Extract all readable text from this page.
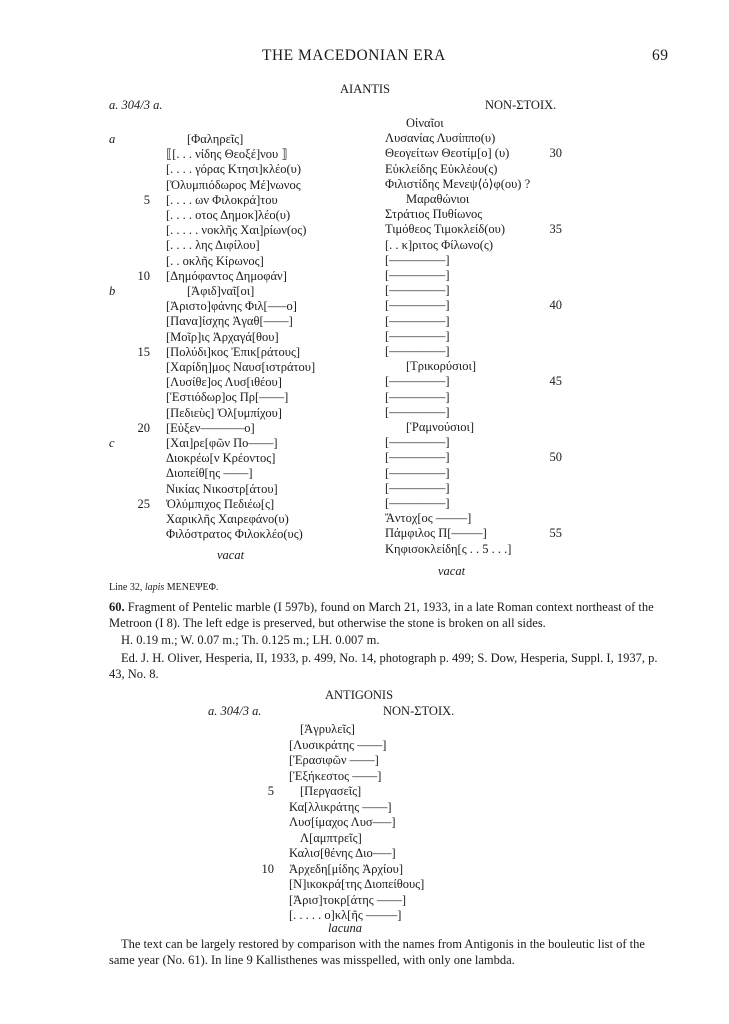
THE MACEDONIAN ERA	69
AIANTIS
a. 304/3 a.	NON-ΣΤΟΙΧ.
a	[Φαληρεῖς]
⟦[. . . νίδης Θεοξέ]νου ⟧
[. . . . γόρας Κτησι]κλέο(υ)
[Ὀλυμπιόδωρος Μέ]νωνος
5 [. . . . ων Φιλοκρά]του
[. . . . οτος Δημοκ]λέο(υ)
[. . . . . νοκλῆς Χαι]ρίων(ος)
[. . . . λης Διφίλου]
[. . οκλῆς Κίρωνος]
10 [Δημόφαντος Δημοφάν]
b	[Ἀφιδ]ναῖ[οι]
[Ἀριστο]φάνης Φιλ[–––ο]
[Πανα]ίσχης Ἀγαθ[––––]
[Μοῖρ]ις Ἀρχαγά[θου]
15 [Πολύδι]κος Ἐπικ[ράτους]
[Χαρίδη]μος Ναυσ[ιστράτου]
[Λυσίθε]ος Λυσ[ιθέου]
[Ἑστιόδωρ]ος Πρ[––––]
[Πεδιεὺς] Ὀλ[υμπίχου]
20 [Εὐξεν–––––––ο]
c	[Χαι]ρε[φῶν Πο––––]
Διοκρέω[ν Κρέοντος]
Διοπείθ[ης ––––]
Νικίας Νικοστρ[άτου]
25 Ὀλύμπιχος Πεδιέω[ς]
Χαρικλῆς Χαιρεφάνο(υ)
Φιλόστρατος Φιλοκλέο(υς)
vacat
Οἰναῖοι
Λυσανίας Λυσίππο(υ)
Θεογείτων Θεοτίμ[ο] (υ)	30
Εὐκλείδης Εὐκλέου(ς)
Φιλιστίδης Μενεψ⟨ό⟩φ(ου) ?
Μαραθώνιοι
Στράτιος Πυθίωνος
Τιμόθεος Τιμοκλείδ(ου)	35
[. . κ]ριτος Φίλωνο(ς)
[–––––––––]
[–––––––––]
[–––––––––]
[–––––––––]	40
[–––––––––]
[–––––––––]
[–––––––––]
[Τρικορύσιοι]
[–––––––––]	45
[–––––––––]
[–––––––––]
[Ῥαμνούσιοι]
[–––––––––]
[–––––––––]	50
[–––––––––]
[–––––––––]
[–––––––––]
Ἄντοχ[ος –––––]
Πάμφιλος Π[–––––]	55
Κηφισοκλείδη[ς . . 5 . . .]
vacat
Line 32, lapis ΜΕΝΕΨΕΦ.
60. Fragment of Pentelic marble (I 597b), found on March 21, 1933, in a late Roman context northeast of the Metroon (I 8). The left edge is preserved, but otherwise the stone is broken on all sides.
H. 0.19 m.; W. 0.07 m.; Th. 0.125 m.; LH. 0.007 m.
Ed. J. H. Oliver, Hesperia, II, 1933, p. 499, No. 14, photograph p. 499; S. Dow, Hesperia, Suppl. I, 1937, p. 43, No. 8.
ANTIGONIS
a. 304/3 a.	NON-ΣΤΟΙΧ.
[Ἀγρυλεῖς]
[Λυσικράτης ––––]
[Ἐρασιφῶν ––––]
[Ἐξήκεστος ––––]
5 [Περγασεῖς]
Κα[λλικράτης ––––]
Λυσ[ίμαχος Λυσ–––]
Λ[αμπτρεῖς]
Καλισ[θένης Διο–––]
10 Ἀρχεδη[μίδης Ἀρχίου]
[Ν]ικοκρά[της Διοπείθους]
[Ἀρισ]τοκρ[άτης ––––]
[. . . . . ο]κλ[ῆς –––––]
lacuna
The text can be largely restored by comparison with the names from Antigonis in the bouleutic list of the same year (No. 61). In line 9 Kallisthenes was misspelled, with only one lambda.
